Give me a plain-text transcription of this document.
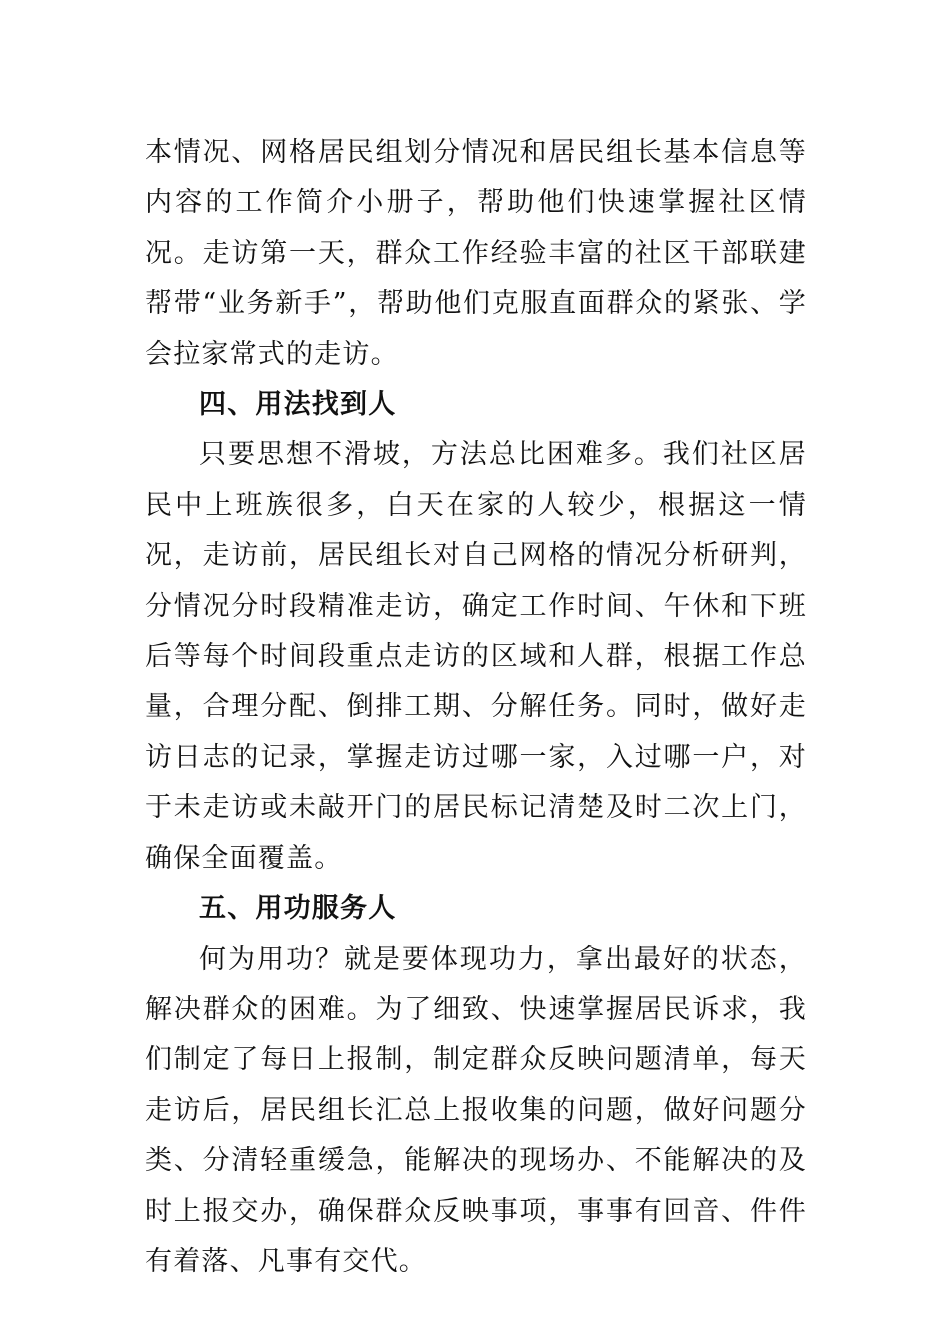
本情况、网格居民组划分情况和居民组长基本信息等内容的工作简介小册子，帮助他们快速掌握社区情况。走访第一天，群众工作经验丰富的社区干部联建帮带“业务新手”，帮助他们克服直面群众的紧张、学会拉家常式的走访。

四、用法找到人

只要思想不滑坡，方法总比困难多。我们社区居民中上班族很多，白天在家的人较少，根据这一情况，走访前，居民组长对自己网格的情况分析研判，分情况分时段精准走访，确定工作时间、午休和下班后等每个时间段重点走访的区域和人群，根据工作总量，合理分配、倒排工期、分解任务。同时，做好走访日志的记录，掌握走访过哪一家，入过哪一户，对于未走访或未敲开门的居民标记清楚及时二次上门，确保全面覆盖。

五、用功服务人

何为用功？就是要体现功力，拿出最好的状态，解决群众的困难。为了细致、快速掌握居民诉求，我们制定了每日上报制，制定群众反映问题清单，每天走访后，居民组长汇总上报收集的问题，做好问题分类、分清轻重缓急，能解决的现场办、不能解决的及时上报交办，确保群众反映事项，事事有回音、件件有着落、凡事有交代。
